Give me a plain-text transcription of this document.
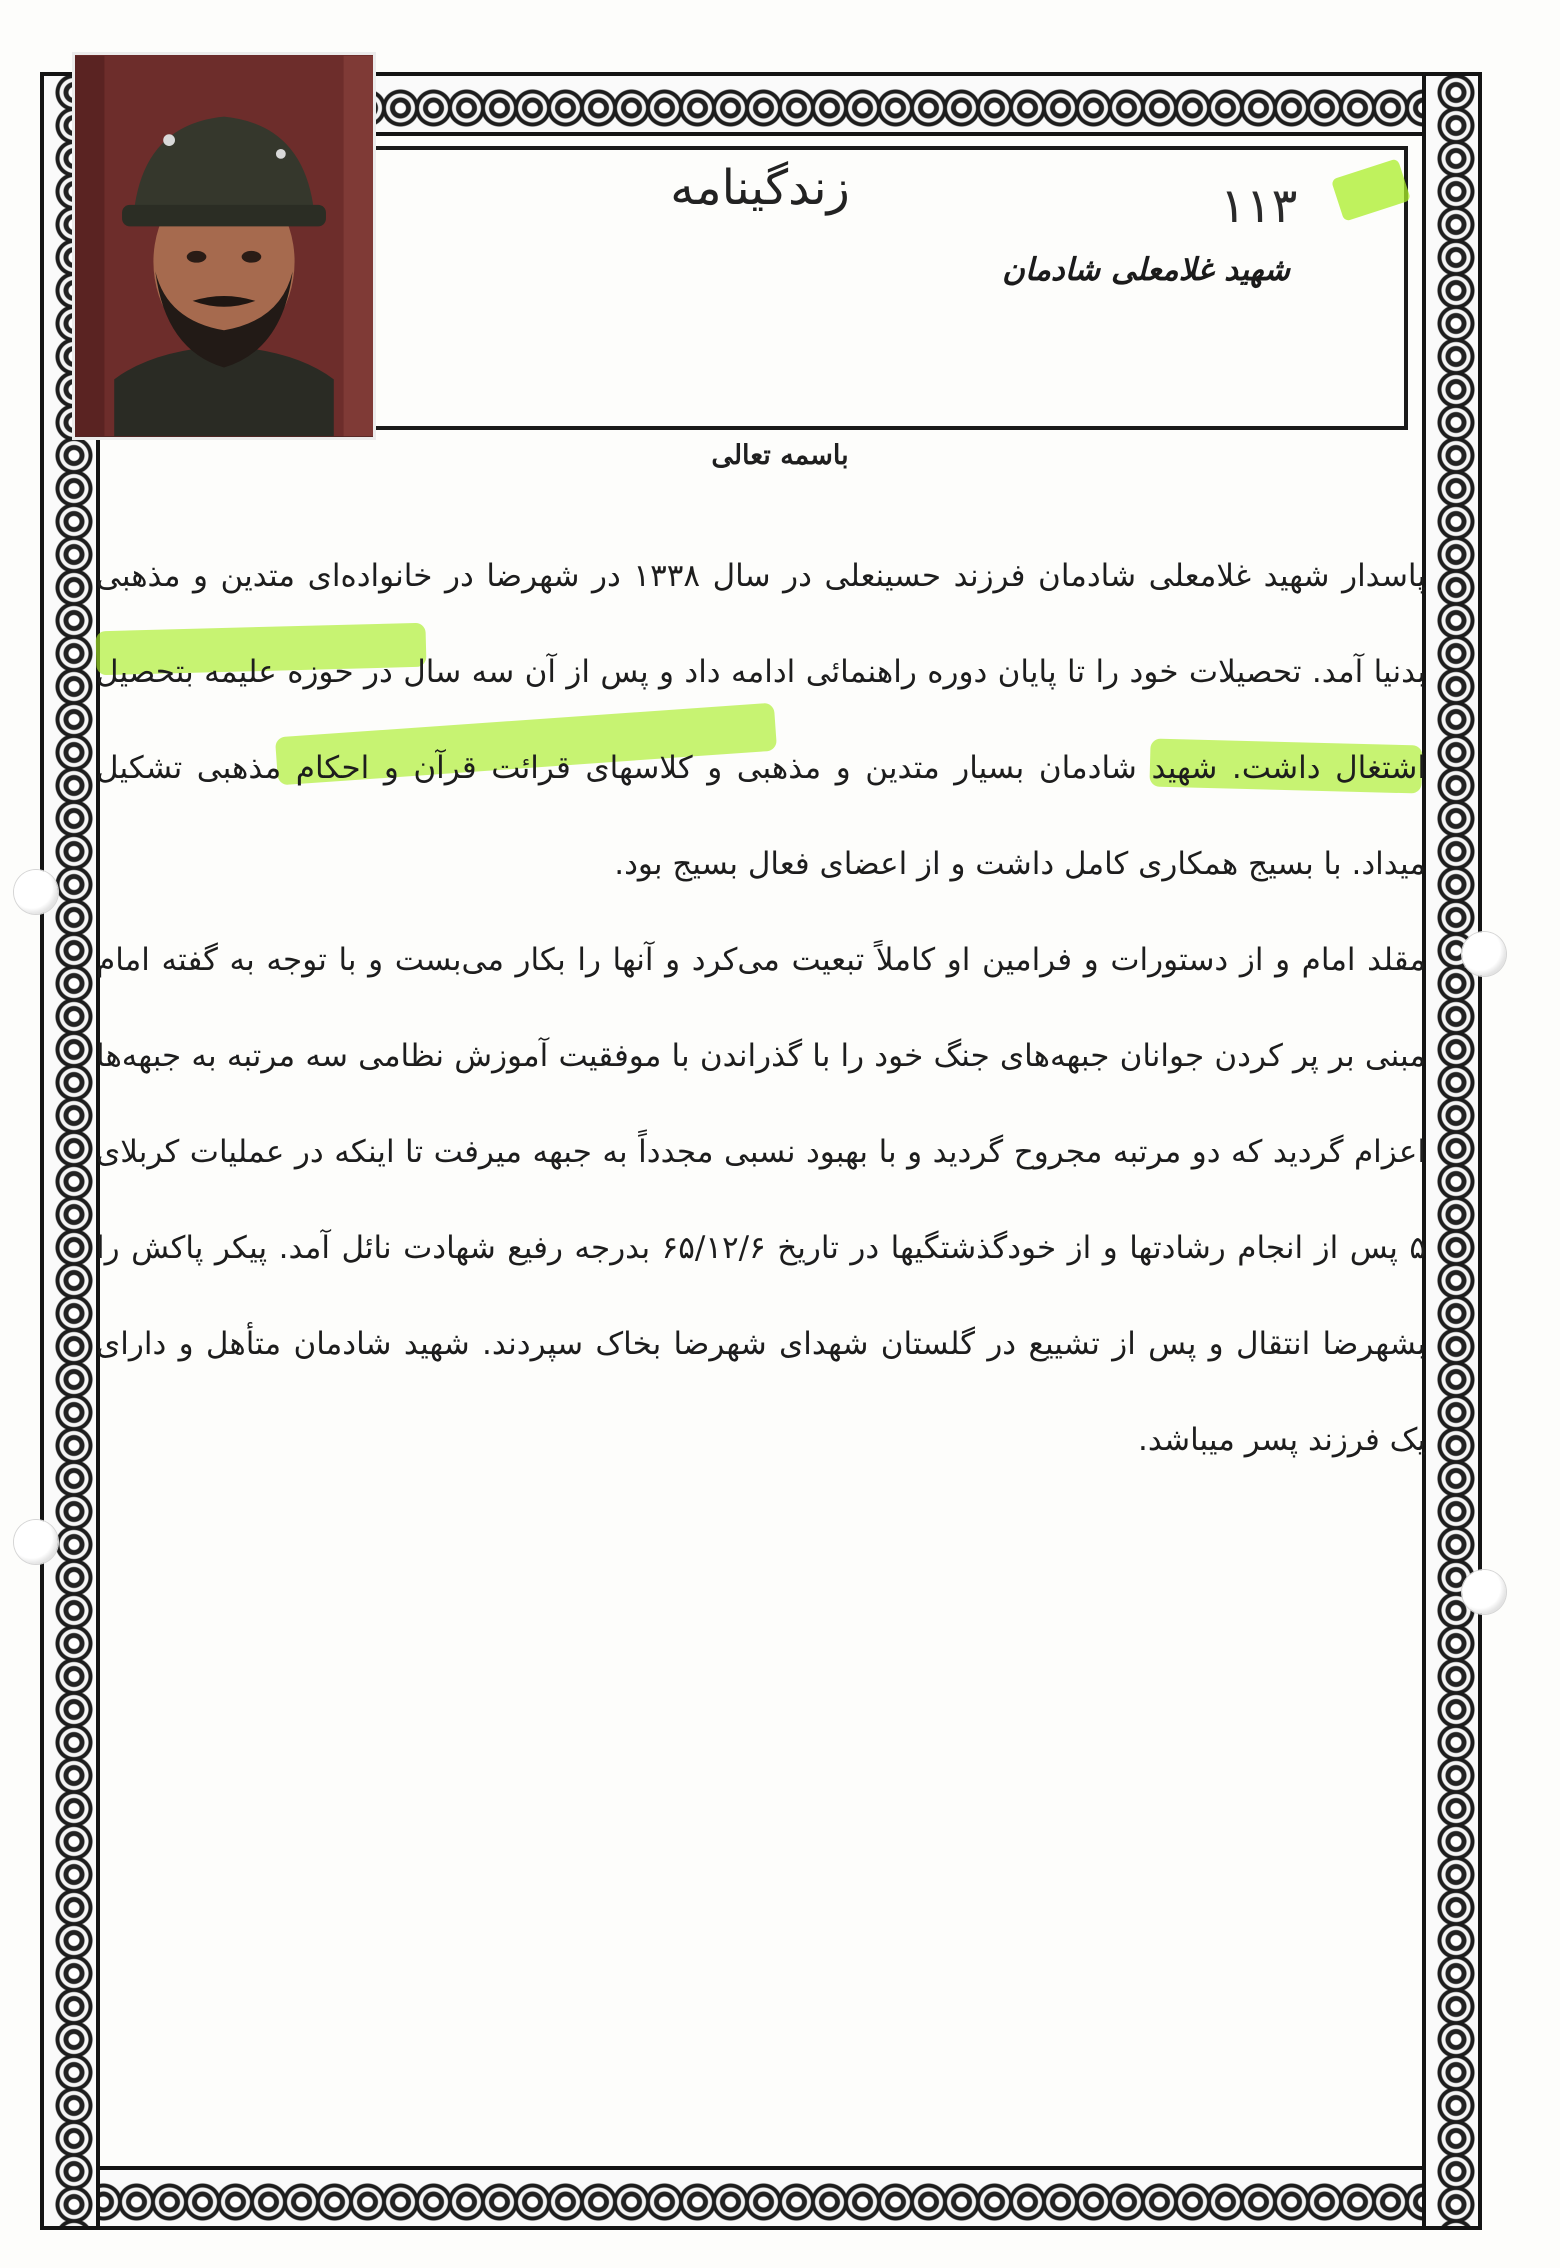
زندگینامه	۱۱۳
شهید غلامعلی شادمان
باسمه تعالی

پاسدار شهید غلامعلی شادمان فرزند حسینعلی در سال ۱۳۳۸ در شهرضا در خانواده‌ای متدین و مذهبی بدنیا آمد. تحصیلات خود را تا پایان دوره راهنمائی ادامه داد و پس از آن سه سال در حوزه علیمه بتحصیل اشتغال داشت. شهید شادمان بسیار متدین و مذهبی و کلاسهای قرائت قرآن و احکام مذهبی تشکیل میداد. با بسیج همکاری کامل داشت و از اعضای فعال بسیج بود.

مقلد امام و از دستورات و فرامین او کاملاً تبعیت می‌کرد و آنها را بکار می‌بست و با توجه به گفته امام مبنی بر پر کردن جوانان جبهه‌های جنگ خود را با گذراندن با موفقیت آموزش نظامی سه مرتبه به جبهه‌ها اعزام گردید که دو مرتبه مجروح گردید و با بهبود نسبی مجدداً به جبهه میرفت تا اینکه در عملیات کربلای ۵ پس از انجام رشادتها و از خودگذشتگیها در تاریخ ۶۵/۱۲/۶ بدرجه رفیع شهادت نائل آمد. پیکر پاکش را بشهرضا انتقال و پس از تشییع در گلستان شهدای شهرضا بخاک سپردند. شهید شادمان متأهل و دارای یک فرزند پسر میباشد.
